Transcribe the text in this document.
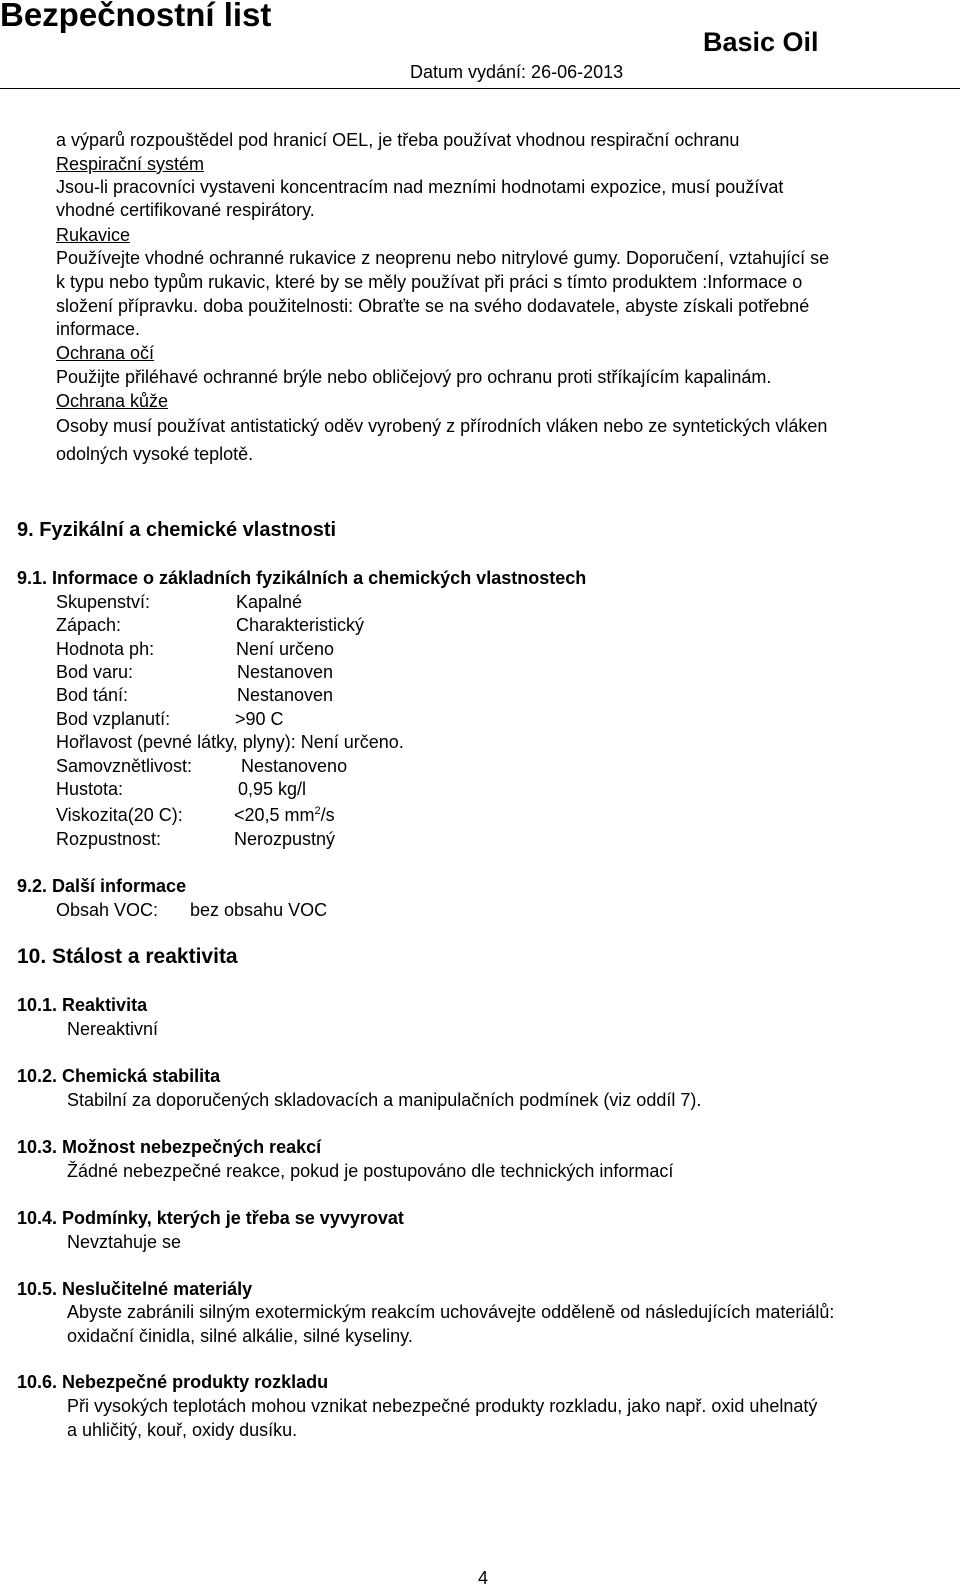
Bezpečnostní list
Basic Oil
Datum vydání: 26-06-2013
a výparů rozpouštědel pod hranicí OEL, je třeba používat vhodnou respirační ochranu
Respirační systém
Jsou-li pracovníci vystaveni koncentracím nad mezními hodnotami expozice, musí používat
vhodné certifikované respirátory.
Rukavice
Používejte vhodné ochranné rukavice z neoprenu nebo nitrylové gumy. Doporučení, vztahující se
k typu nebo typům rukavic, které by se měly používat při práci s tímto produktem :Informace o
složení přípravku. doba použitelnosti: Obraťte se na svého dodavatele, abyste získali potřebné
informace.
Ochrana očí
Použijte přiléhavé ochranné brýle nebo obličejový pro ochranu proti stříkajícím kapalinám.
Ochrana kůže
Osoby musí používat antistatický oděv vyrobený z přírodních vláken nebo ze syntetických vláken
odolných vysoké teplotě.
9. Fyzikální a chemické vlastnosti
9.1. Informace o základních fyzikálních a chemických vlastnostech
Skupenství:	Kapalné
Zápach:	Charakteristický
Hodnota ph:	Není určeno
Bod varu:	Nestanoven
Bod tání:	Nestanoven
Bod vzplanutí:	>90 C
Hořlavost (pevné látky, plyny): Není určeno.
Samovznětlivost:	Nestanoveno
Hustota:	0,95 kg/l
Viskozita(20 C):	<20,5 $mm^2/s$
Rozpustnost:	Nerozpustný
9.2. Další informace
Obsah VOC: bez obsahu VOC
10. Stálost a reaktivita
10.1. Reaktivita
Nereaktivní
10.2. Chemická stabilita
Stabilní za doporučených skladovacích a manipulačních podmínek (viz oddíl 7).
10.3. Možnost nebezpečných reakcí
Žádné nebezpečné reakce, pokud je postupováno dle technických informací
10.4. Podmínky, kterých je třeba se vyvyrovat
Nevztahuje se
10.5. Neslučitelné materiály
Abyste zabránili silným exotermickým reakcím uchovávejte odděleně od následujících materiálů:
oxidační činidla, silné alkálie, silné kyseliny.
10.6. Nebezpečné produkty rozkladu
Při vysokých teplotách mohou vznikat nebezpečné produkty rozkladu, jako např. oxid uhelnatý
a uhličitý, kouř, oxidy dusíku.
4
